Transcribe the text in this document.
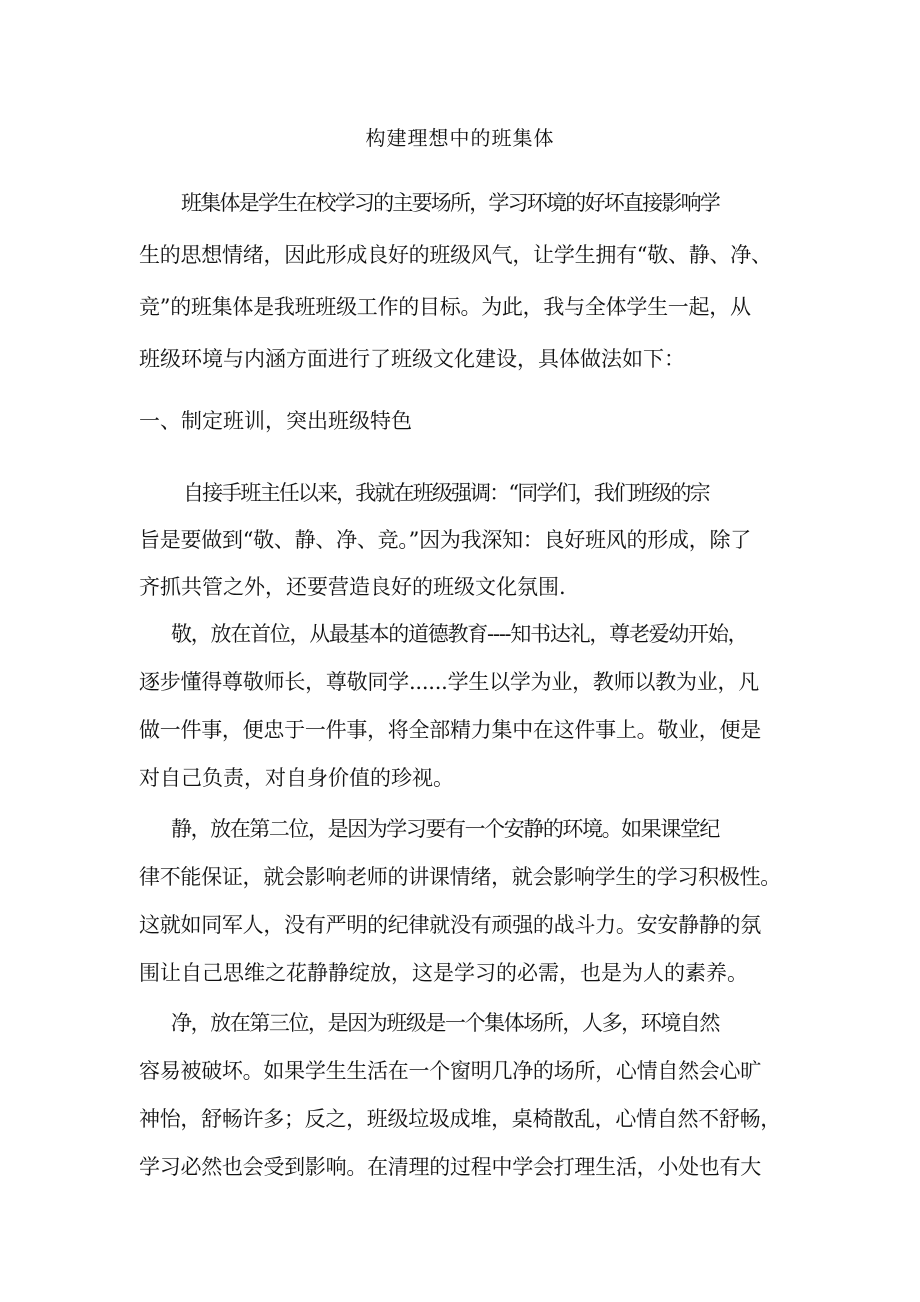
构建理想中的班集体
班集体是学生在校学习的主要场所，学习环境的好坏直接影响学
生的思想情绪，因此形成良好的班级风气，让学生拥有“敬、静、净、
竞”的班集体是我班班级工作的目标。为此，我与全体学生一起，从
班级环境与内涵方面进行了班级文化建设，具体做法如下：
一、制定班训，突出班级特色
自接手班主任以来，我就在班级强调：“同学们，我们班级的宗
旨是要做到“敬、静、净、竞。”因为我深知：良好班风的形成，除了
齐抓共管之外，还要营造良好的班级文化氛围.
敬，放在首位，从最基本的道德教育----知书达礼，尊老爱幼开始，
逐步懂得尊敬师长，尊敬同学......学生以学为业，教师以教为业，凡
做一件事，便忠于一件事，将全部精力集中在这件事上。敬业，便是
对自己负责，对自身价值的珍视。
静，放在第二位，是因为学习要有一个安静的环境。如果课堂纪
律不能保证，就会影响老师的讲课情绪，就会影响学生的学习积极性。
这就如同军人，没有严明的纪律就没有顽强的战斗力。安安静静的氛
围让自己思维之花静静绽放，这是学习的必需，也是为人的素养。
净，放在第三位，是因为班级是一个集体场所，人多，环境自然
容易被破坏。如果学生生活在一个窗明几净的场所，心情自然会心旷
神怡，舒畅许多；反之，班级垃圾成堆，桌椅散乱，心情自然不舒畅，
学习必然也会受到影响。在清理的过程中学会打理生活，小处也有大
